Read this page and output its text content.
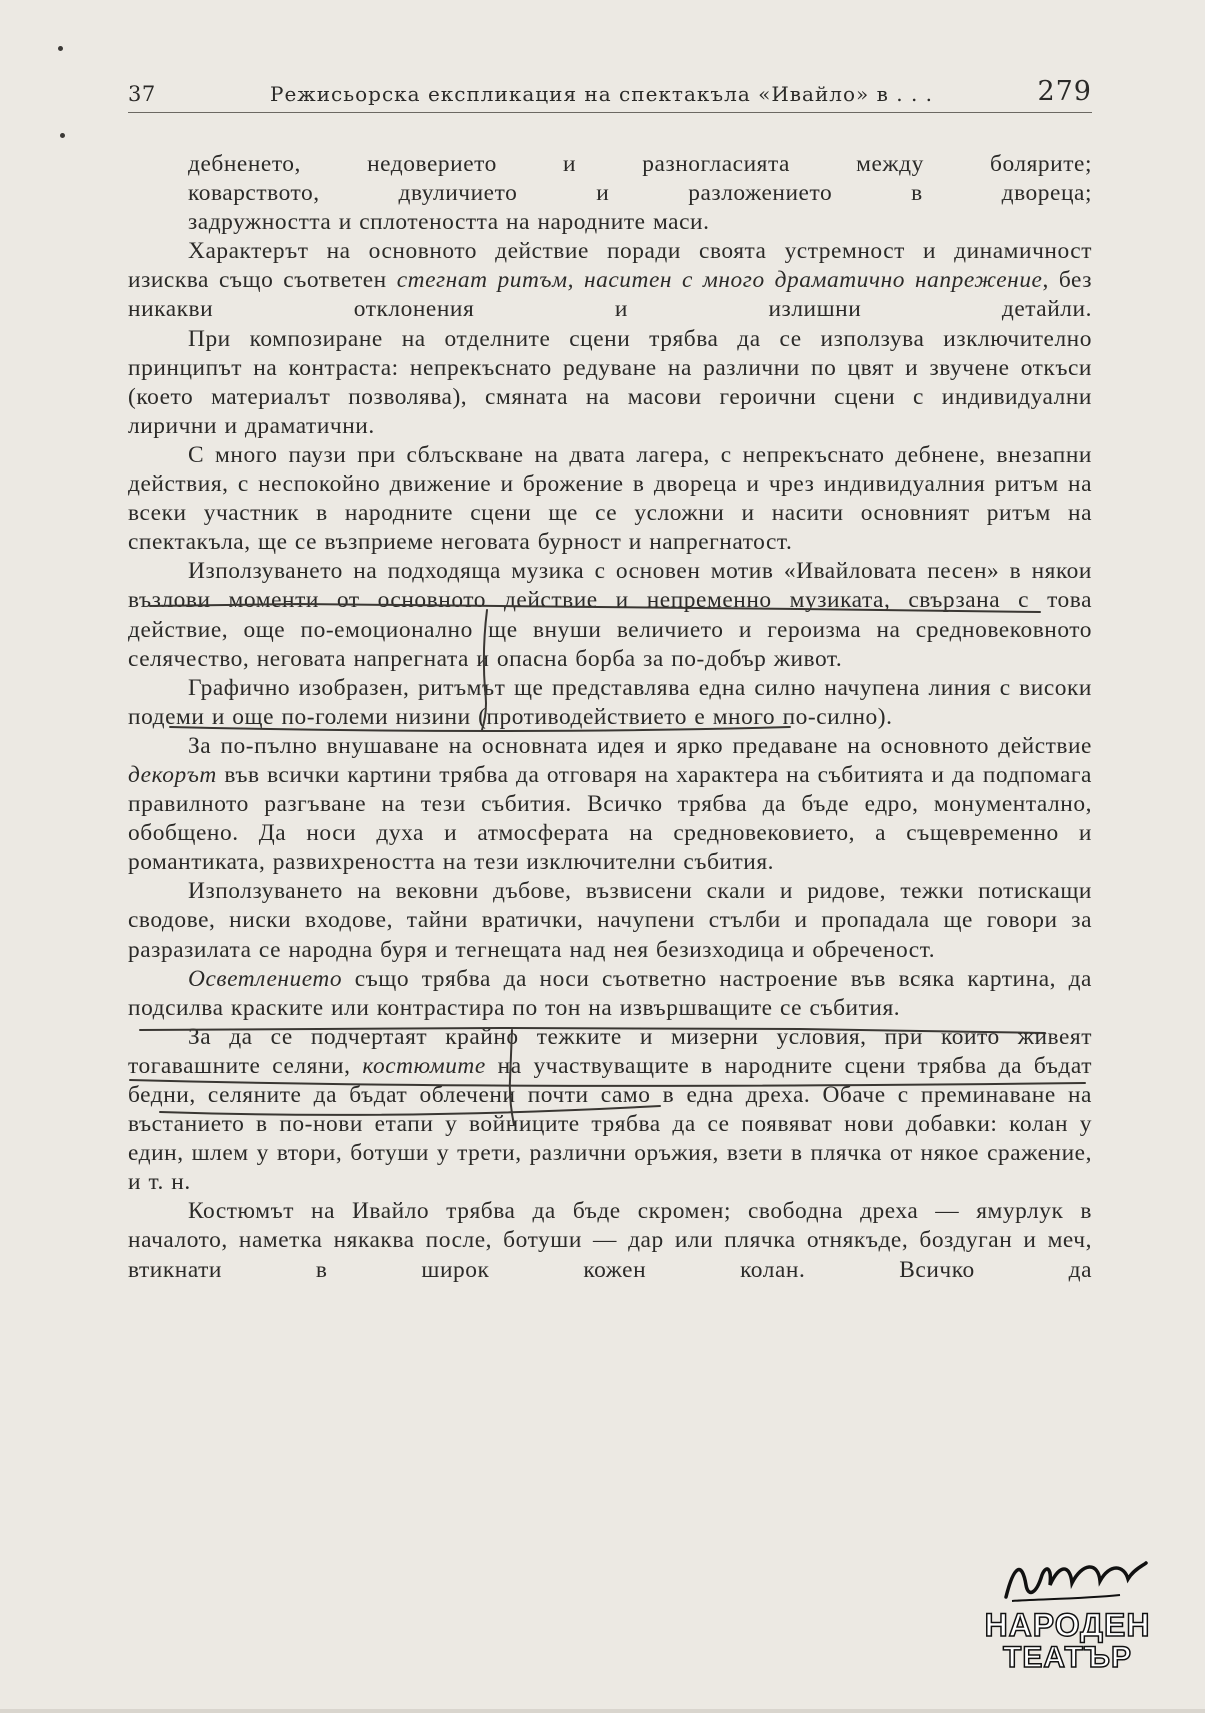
37	Режисьорска експликация на спектакъла «Ивайло» в . . .	279

дебненето, недоверието и разногласията между болярите;

коварството, двуличието и разложението в двореца;

задружността и сплотеността на народните маси.

Характерът на основното действие поради своята устремност и динамичност изисква също съответен стегнат ритъм, наситен с много драматично напрежение, без никакви отклонения и излишни детайли.

При композиране на отделните сцени трябва да се използува изключително принципът на контраста: непрекъснато редуване на различни по цвят и звучене откъси (което материалът позволява), смяната на масови героични сцени с индивидуални лирични и драматични.

С много паузи при сблъскване на двата лагера, с непрекъснато дебнене, внезапни действия, с неспокойно движение и брожение в двореца и чрез индивидуалния ритъм на всеки участник в народните сцени ще се усложни и насити основният ритъм на спектакъла, ще се възприеме неговата бурност и напрегнатост.

Използуването на подходяща музика с основен мотив «Ивайловата песен» в някои възлови моменти от основното действие и непременно музиката, свързана с това действие, още по-емоционално ще внуши величието и героизма на средновековното селячество, неговата напрегната и опасна борба за по-добър живот.

Графично изобразен, ритъмът ще представлява една силно начупена линия с високи подеми и още по-големи низини (противодействието е много по-силно).

За по-пълно внушаване на основната идея и ярко предаване на основното действие декорът във всички картини трябва да отговаря на характера на събитията и да подпомага правилното разгъване на тези събития. Всичко трябва да бъде едро, монументално, обобщено. Да носи духа и атмосферата на средновековието, а същевременно и романтиката, развихреността на тези изключителни събития.

Използуването на вековни дъбове, възвисени скали и ридове, тежки потискащи сводове, ниски входове, тайни вратички, начупени стълби и пропадала ще говори за разразилата се народна буря и тегнещата над нея безизходица и обреченост.

Осветлението също трябва да носи съответно настроение във всяка картина, да подсилва краските или контрастира по тон на извършващите се събития.

За да се подчертаят крайно тежките и мизерни условия, при които живеят тогавашните селяни, костюмите на участвуващите в народните сцени трябва да бъдат бедни, селяните да бъдат облечени почти само в една дреха. Обаче с преминаване на въстанието в по-нови етапи у войниците трябва да се появяват нови добавки: колан у един, шлем у втори, ботуши у трети, различни оръжия, взети в плячка от някое сражение, и т. н.

Костюмът на Ивайло трябва да бъде скромен; свободна дреха — ямурлук в началото, наметка някаква после, ботуши — дар или плячка отнякъде, боздуган и меч, втикнати в широк кожен колан. Всичко да

НАРОДЕН
ТЕАТЪР
